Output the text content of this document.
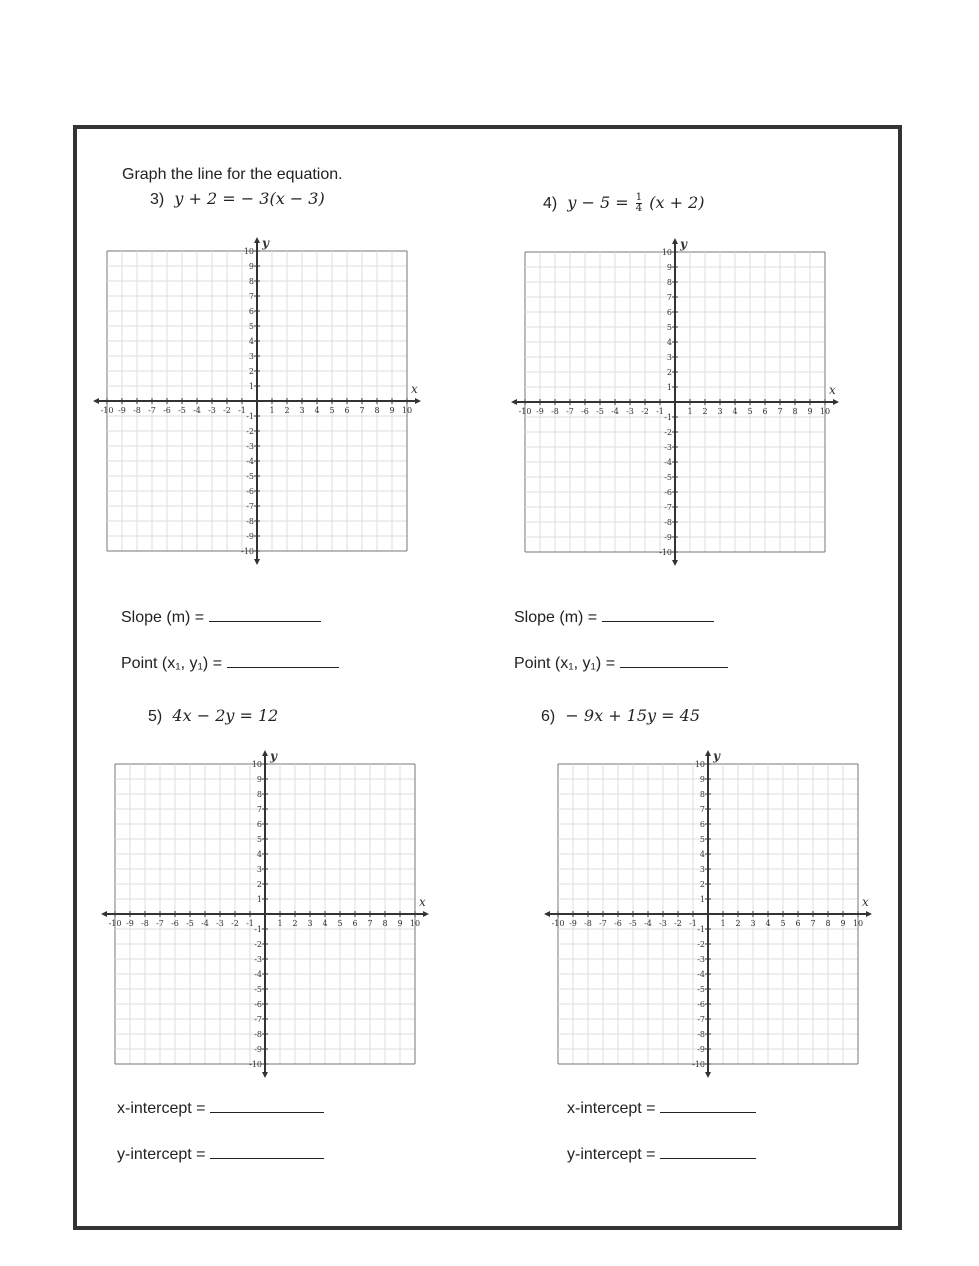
Graph the line for the equation.
3) y + 2 = − 3(x − 3)	4) $y - 5 = \frac{1}{4} (x + 2)$
5) 4x − 2y = 12	6) − 9x + 15y = 45
Slope (m) =
Point (x₁, y₁) =
Slope (m) =
Point (x₁, y₁) =
x-intercept =
y-intercept =
x-intercept =
y-intercept =
x
y
-10 -9 -8 -7 -6 -5 -4 -3 -2 -1	1 2 3 4 5 6 7 8 9 10
10
9
8
7
6
5
4
3
2
1
-1
-2
-3
-4
-5
-6
-7
-8
-9
-10
x
y
-10 -9 -8 -7 -6 -5 -4 -3 -2 -1	1 2 3 4 5 6 7 8 9 10
10
9
8
7
6
5
4
3
2
1
-1
-2
-3
-4
-5
-6
-7
-8
-9
-10
x
y
-10 -9 -8 -7 -6 -5 -4 -3 -2 -1	1 2 3 4 5 6 7 8 9 10
10
9
8
7
6
5
4
3
2
1
-1
-2
-3
-4
-5
-6
-7
-8
-9
-10
x
y
-10 -9 -8 -7 -6 -5 -4 -3 -2 -1	1 2 3 4 5 6 7 8 9 10
10
9
8
7
6
5
4
3
2
1
-1
-2
-3
-4
-5
-6
-7
-8
-9
-10
